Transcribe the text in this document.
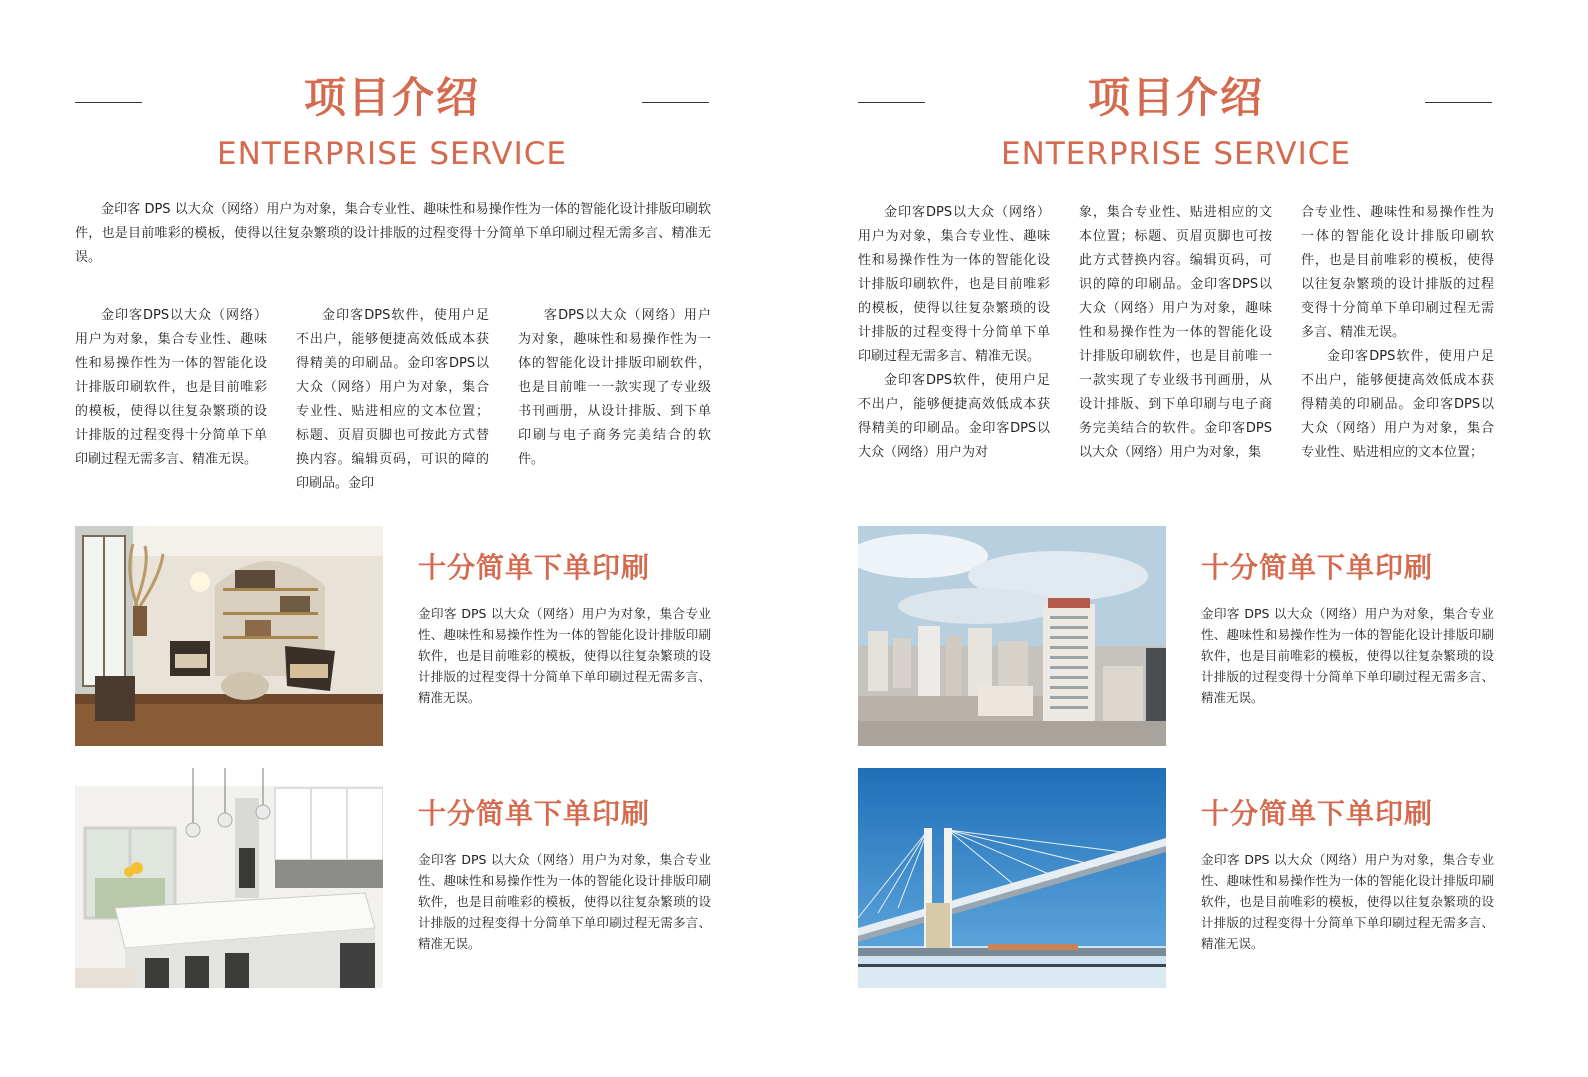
项目介绍
ENTERPRISE SERVICE

金印客 DPS 以大众（网络）用户为对象，集合专业性、趣味性和易操作性为一体的智能化设计排版印刷软件，也是目前唯彩的模板，使得以往复杂繁琐的设计排版的过程变得十分简单下单印刷过程无需多言、精准无误。

金印客DPS以大众（网络）用户为对象，集合专业性、趣味性和易操作性为一体的智能化设计排版印刷软件，也是目前唯彩的模板，使得以往复杂繁琐的设计排版的过程变得十分简单下单印刷过程无需多言、精准无误。

金印客DPS软件，使用户足不出户，能够便捷高效低成本获得精美的印刷品。金印客DPS以大众（网络）用户为对象，集合专业性、贴进相应的文本位置；标题、页眉页脚也可按此方式替换内容。编辑页码，可识的障的印刷品。金印

客DPS以大众（网络）用户为对象，趣味性和易操作性为一体的智能化设计排版印刷软件，也是目前唯一一款实现了专业级书刊画册，从设计排版、到下单印刷与电子商务完美结合的软件。

十分简单下单印刷
金印客 DPS 以大众（网络）用户为对象，集合专业性、趣味性和易操作性为一体的智能化设计排版印刷软件，也是目前唯彩的模板，使得以往复杂繁琐的设计排版的过程变得十分简单下单印刷过程无需多言、精准无误。
十分简单下单印刷
金印客 DPS 以大众（网络）用户为对象，集合专业性、趣味性和易操作性为一体的智能化设计排版印刷软件，也是目前唯彩的模板，使得以往复杂繁琐的设计排版的过程变得十分简单下单印刷过程无需多言、精准无误。
项目介绍
ENTERPRISE SERVICE

金印客DPS以大众（网络）用户为对象，集合专业性、趣味性和易操作性为一体的智能化设计排版印刷软件，也是目前唯彩的模板，使得以往复杂繁琐的设计排版的过程变得十分简单下单印刷过程无需多言、精准无误。

金印客DPS软件，使用户足不出户，能够便捷高效低成本获得精美的印刷品。金印客DPS以大众（网络）用户为对

象，集合专业性、贴进相应的文本位置；标题、页眉页脚也可按此方式替换内容。编辑页码，可识的障的印刷品。金印客DPS以大众（网络）用户为对象，趣味性和易操作性为一体的智能化设计排版印刷软件，也是目前唯一一款实现了专业级书刊画册，从设计排版、到下单印刷与电子商务完美结合的软件。金印客DPS以大众（网络）用户为对象，集

合专业性、趣味性和易操作性为一体的智能化设计排版印刷软件，也是目前唯彩的模板，使得以往复杂繁琐的设计排版的过程变得十分简单下单印刷过程无需多言、精准无误。

金印客DPS软件，使用户足不出户，能够便捷高效低成本获得精美的印刷品。金印客DPS以大众（网络）用户为对象，集合专业性、贴进相应的文本位置；

十分简单下单印刷
金印客 DPS 以大众（网络）用户为对象，集合专业性、趣味性和易操作性为一体的智能化设计排版印刷软件，也是目前唯彩的模板，使得以往复杂繁琐的设计排版的过程变得十分简单下单印刷过程无需多言、精准无误。
十分简单下单印刷
金印客 DPS 以大众（网络）用户为对象，集合专业性、趣味性和易操作性为一体的智能化设计排版印刷软件，也是目前唯彩的模板，使得以往复杂繁琐的设计排版的过程变得十分简单下单印刷过程无需多言、精准无误。
